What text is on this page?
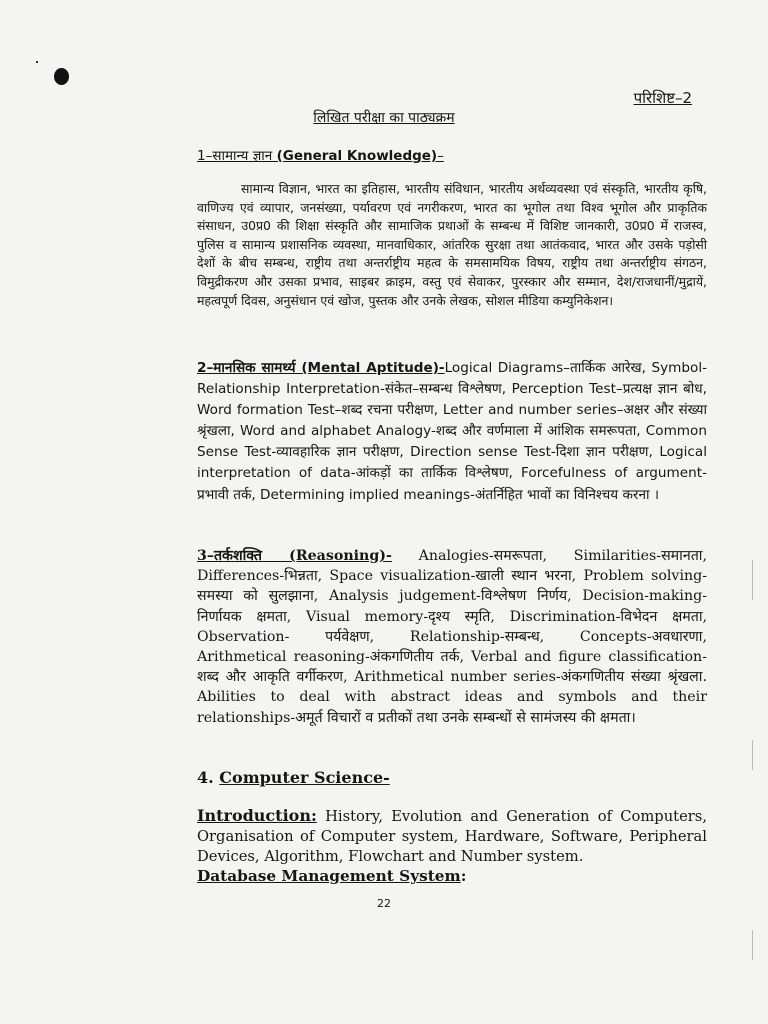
परिशिष्ट–2
लिखित परीक्षा का पाठ्यक्रम
1–सामान्य ज्ञान (General Knowledge)–
सामान्य विज्ञान, भारत का इतिहास, भारतीय संविधान, भारतीय अर्थव्यवस्था एवं संस्कृति, भारतीय कृषि, वाणिज्य एवं व्यापार, जनसंख्या, पर्यावरण एवं नगरीकरण, भारत का भूगोल तथा विश्व भूगोल और प्राकृतिक संसाधन, उ0प्र0 की शिक्षा संस्कृति और सामाजिक प्रथाओं के सम्बन्ध में विशिष्ट जानकारी, उ0प्र0 में राजस्व, पुलिस व सामान्य प्रशासनिक व्यवस्था, मानवाधिकार, आंतरिक सुरक्षा तथा आतंकवाद, भारत और उसके पड़ोसी देशों के बीच सम्बन्ध, राष्ट्रीय तथा अन्तर्राष्ट्रीय महत्व के समसामयिक विषय, राष्ट्रीय तथा अन्तर्राष्ट्रीय संगठन, विमुद्रीकरण और उसका प्रभाव, साइबर क्राइम, वस्तु एवं सेवाकर, पुरस्कार और सम्मान, देश/राजधानीं/मुद्रायें, महत्वपूर्ण दिवस, अनुसंधान एवं खोज, पुस्तक और उनके लेखक, सोशल मीडिया कम्युनिकेशन।
2–मानसिक सामर्थ्य (Mental Aptitude)-Logical Diagrams–तार्किक आरेख, Symbol-Relationship Interpretation-संकेत–सम्बन्ध विश्लेषण, Perception Test–प्रत्यक्ष ज्ञान बोध, Word formation Test–शब्द रचना परीक्षण, Letter and number series–अक्षर और संख्या श्रृंखला, Word and alphabet Analogy-शब्द और वर्णमाला में आंशिक समरूपता, Common Sense Test-व्यावहारिक ज्ञान परीक्षण, Direction sense Test-दिशा ज्ञान परीक्षण, Logical interpretation of data-आंकड़ों का तार्किक विश्लेषण, Forcefulness of argument-प्रभावी तर्क, Determining implied meanings-अंतर्निहित भावों का विनिश्चय करना ।
3–तर्कशक्ति (Reasoning)- Analogies-समरूपता, Similarities-समानता, Differences-भिन्नता, Space visualization-खाली स्थान भरना, Problem solving-समस्या को सुलझाना, Analysis judgement-विश्लेषण निर्णय, Decision-making-निर्णायक क्षमता, Visual memory-दृश्य स्मृति, Discrimination-विभेदन क्षमता, Observation- पर्यवेक्षण, Relationship-सम्बन्ध, Concepts-अवधारणा, Arithmetical reasoning-अंकगणितीय तर्क, Verbal and figure classification-शब्द और आकृति वर्गीकरण, Arithmetical number series-अंकगणितीय संख्या श्रृंखला. Abilities to deal with abstract ideas and symbols and their relationships-अमूर्त विचारों व प्रतीकों तथा उनके सम्बन्धों से सामंजस्य की क्षमता।
4. Computer Science-
Introduction: History, Evolution and Generation of Computers, Organisation of Computer system, Hardware, Software, Peripheral Devices, Algorithm, Flowchart and Number system.
Database Management System:
22
